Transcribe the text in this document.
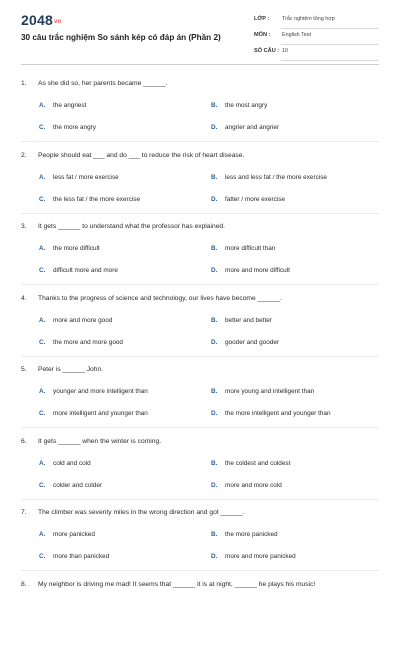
2048vn
30 câu trắc nghiệm So sánh kép có đáp án (Phần 2)
LỚP : Trắc nghiệm tổng hợp
MÔN : English Test
SỐ CÂU : 10
1. As she did so, her parents became ______.
A. the angriest	B. the most angry
C. the more angry	D. angrier and angrier
2. People should eat ___ and do ___ to reduce the risk of heart disease.
A. less fat / more exercise	B. less and less fat / the more exercise
C. the less fat / the more exercise	D. fatter / more exercise
3. It gets ______ to understand what the professor has explained.
A. the more difficult	B. more difficult than
C. difficult more and more	D. more and more difficult
4. Thanks to the progress of science and technology, our lives have become ______.
A. more and more good	B. better and better
C. the more and more good	D. gooder and gooder
5. Peter is ______ John.
A. younger and more intelligent than	B. more young and intelligent than
C. more intelligent and younger than	D. the more intelligent and younger than
6. It gets ______ when the winter is coming.
A. cold and cold	B. the coldest and coldest
C. colder and colder	D. more and more cold
7. The climber was seventy miles in the wrong direction and got ______.
A. more panicked	B. the more panicked
C. more than panicked	D. more and more panicked
8. My neighbor is driving me mad! It seems that ______ it is at night, ______ he plays his music!
